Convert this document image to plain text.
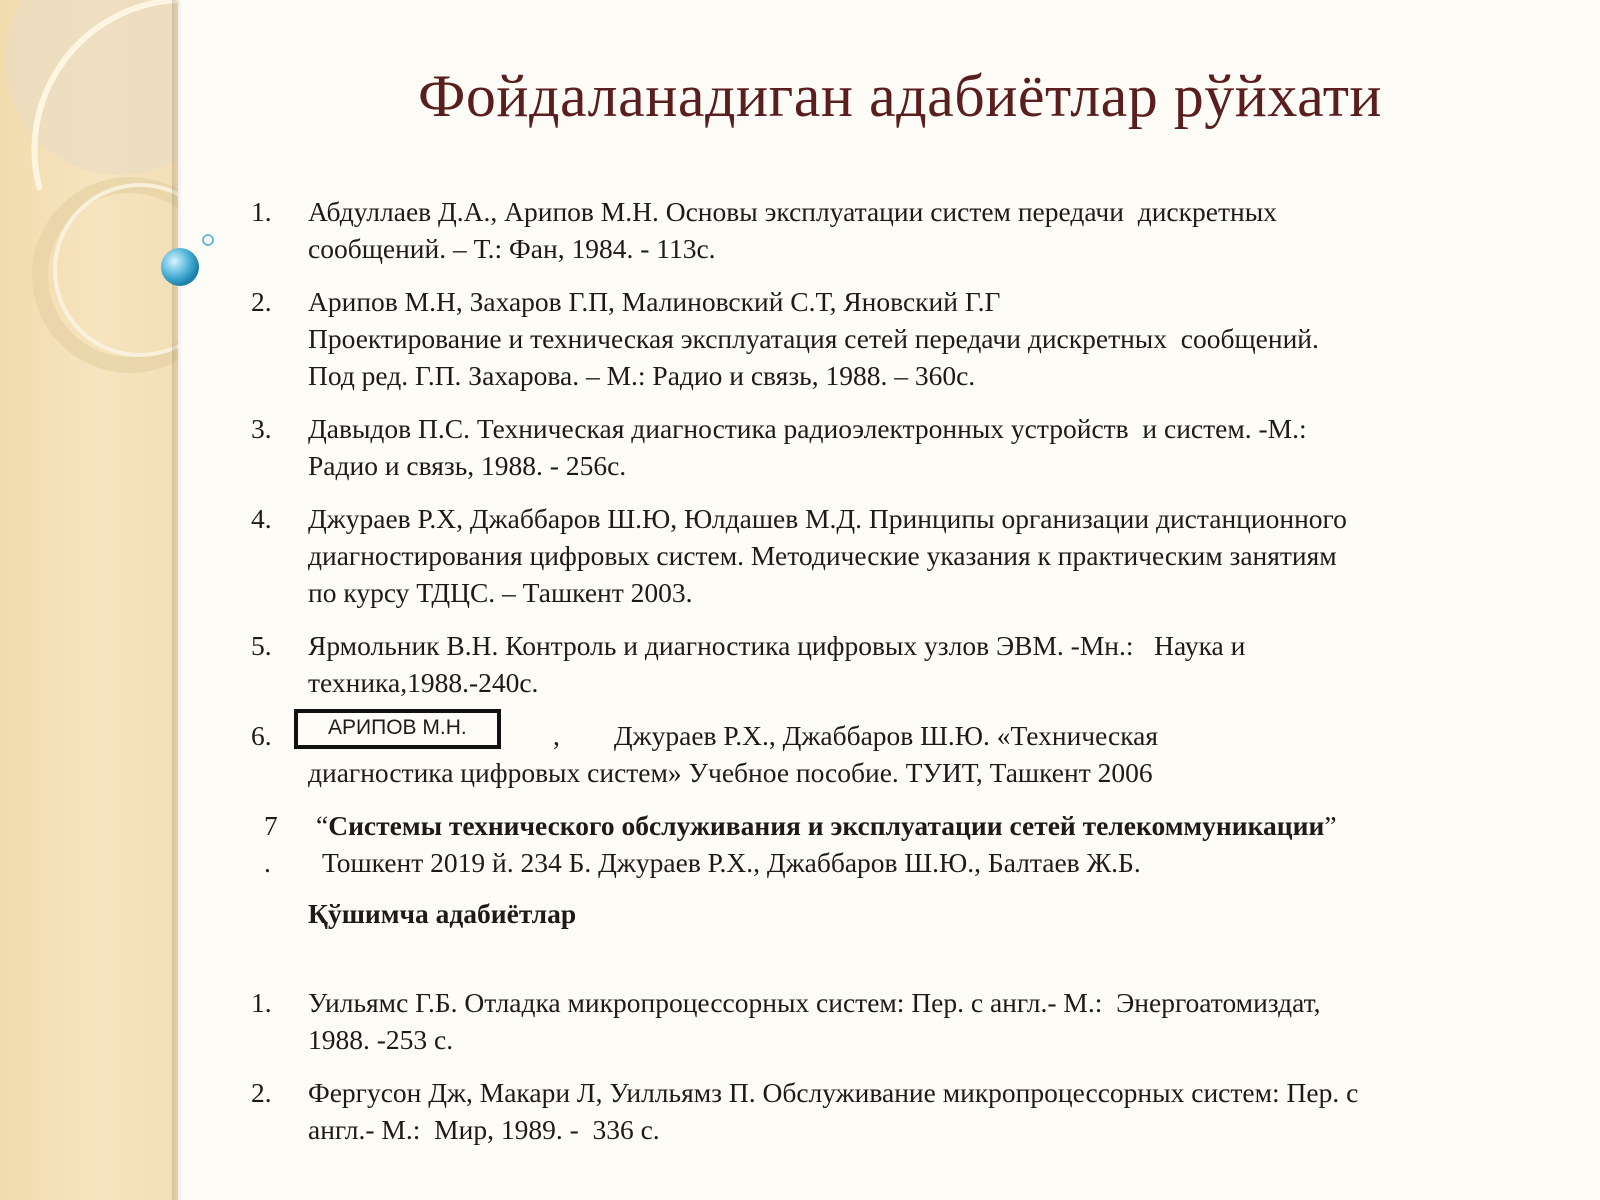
Фойдаланадиган адабиётлар рўйхати
1. Абдуллаев Д.А., Арипов М.Н. Основы эксплуатации систем передачи  дискретных
сообщений. – Т.: Фан, 1984. - 113с.
2. Арипов М.Н, Захаров Г.П, Малиновский С.Т, Яновский Г.Г
Проектирование и техническая эксплуатация сетей передачи дискретных  сообщений.
Под ред. Г.П. Захарова. – М.: Радио и связь, 1988. – 360с.
3. Давыдов П.С. Техническая диагностика радиоэлектронных устройств  и систем. -М.:
Радио и связь, 1988. - 256с.
4. Джураев Р.Х, Джаббаров Ш.Ю, Юлдашев М.Д. Принципы организации дистанционного
диагностирования цифровых систем. Методические указания к практическим занятиям
по курсу ТДЦС. – Ташкент 2003.
5. Ярмольник В.Н. Контроль и диагностика цифровых узлов ЭВМ. -Мн.:   Наука и
техника,1988.-240с.
6.	АРИПОВ М.Н.	, Джураев Р.Х., Джаббаров Ш.Ю. «Техническая
диагностика цифровых систем» Учебное пособие. ТУИТ, Ташкент 2006
7
.
“Системы технического обслуживания и эксплуатации сетей телекоммуникации”
Тошкент 2019 й. 234 Б. Джураев Р.Х., Джаббаров Ш.Ю., Балтаев Ж.Б.
Қўшимча адабиётлар
1. Уильямс Г.Б. Отладка микропроцессорных систем: Пер. с англ.- М.:  Энергоатомиздат,
1988. -253 с.
2. Фергусон Дж, Макари Л, Уилльямз П. Обслуживание микропроцессорных систем: Пер. с
англ.- М.:  Мир, 1989. -  336 с.
